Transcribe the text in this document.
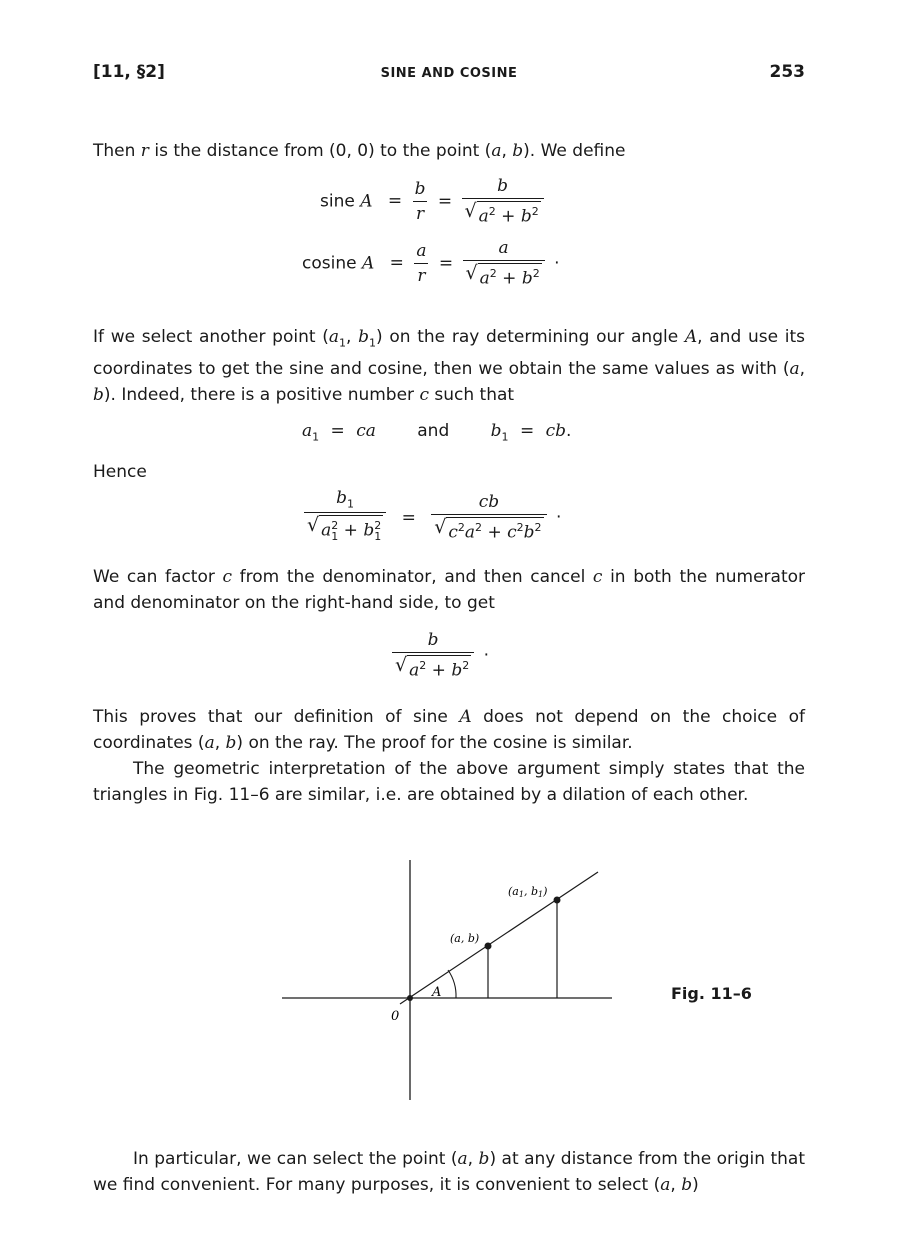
[11, §2]	SINE AND COSINE	253
Then r is the distance from (0, 0) to the point (a, b). We define
sine $A = \frac{b}{r} = \frac{b}{√ a^2 + b^2}$
cosine $A = \frac{a}{r} = \frac{a}{√ a^2 + b^2}$ ·
If we select another point ($a_1$, $b_1$) on the ray determining our angle A, and use its coordinates to get the sine and cosine, then we obtain the same values as with (a, b). Indeed, there is a positive number c such that
$a_1$ = ca and $b_1$ = cb.
Hence
$\frac{b_1}{√ a^2_1 + b^2_1} = \frac{cb}{√ c^2a^2 + c^2b^2}$ ·
We can factor c from the denominator, and then cancel c in both the numerator and denominator on the right-hand side, to get
$\frac{b}{√ a^2 + b^2}$ ·
This proves that our definition of sine A does not depend on the choice of coordinates (a, b) on the ray. The proof for the cosine is similar.
The geometric interpretation of the above argument simply states that the triangles in Fig. 11–6 are similar, i.e. are obtained by a dilation of each other.
0
A
(a, b)
(a1, b1)
Fig. 11–6
In particular, we can select the point (a, b) at any distance from the origin that we find convenient. For many purposes, it is convenient to select (a, b)
